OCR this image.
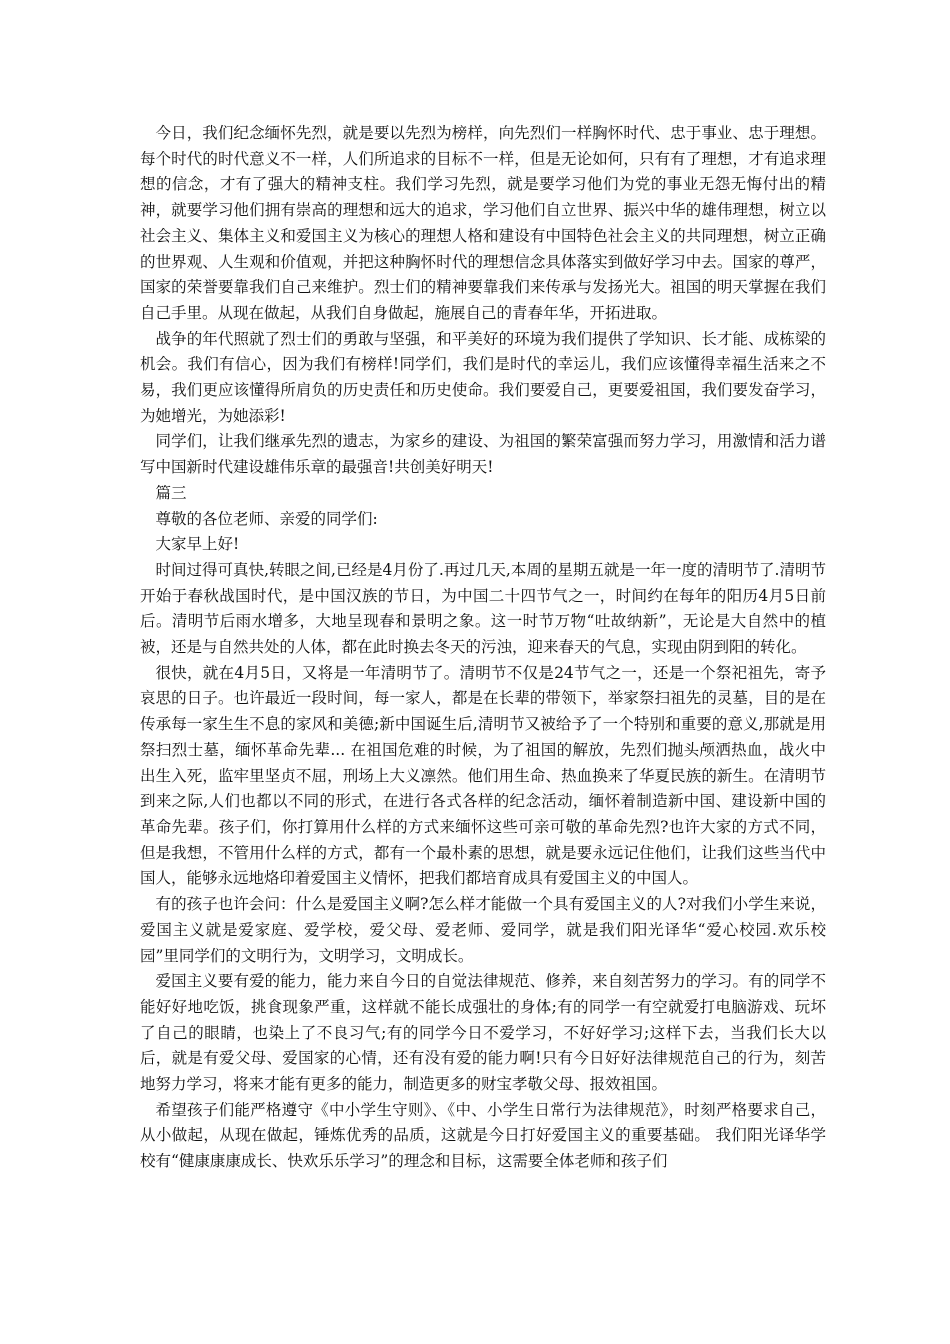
今日，我们纪念缅怀先烈，就是要以先烈为榜样，向先烈们一样胸怀时代、忠于事业、忠于理想。每个时代的时代意义不一样，人们所追求的目标不一样，但是无论如何，只有有了理想，才有追求理想的信念，才有了强大的精神支柱。我们学习先烈，就是要学习他们为党的事业无怨无悔付出的精神，就要学习他们拥有崇高的理想和远大的追求，学习他们自立世界、振兴中华的雄伟理想，树立以社会主义、集体主义和爱国主义为核心的理想人格和建设有中国特色社会主义的共同理想，树立正确的世界观、人生观和价值观，并把这种胸怀时代的理想信念具体落实到做好学习中去。国家的尊严，国家的荣誉要靠我们自己来维护。烈士们的精神要靠我们来传承与发扬光大。祖国的明天掌握在我们自己手里。从现在做起，从我们自身做起，施展自己的青春年华，开拓进取。

战争的年代照就了烈士们的勇敢与坚强，和平美好的环境为我们提供了学知识、长才能、成栋梁的机会。我们有信心，因为我们有榜样!同学们，我们是时代的幸运儿，我们应该懂得幸福生活来之不易，我们更应该懂得所肩负的历史责任和历史使命。我们要爱自己，更要爱祖国，我们要发奋学习，为她增光，为她添彩!

同学们，让我们继承先烈的遗志，为家乡的建设、为祖国的繁荣富强而努力学习，用激情和活力谱写中国新时代建设雄伟乐章的最强音!共创美好明天!

篇三

尊敬的各位老师、亲爱的同学们:

大家早上好!

时间过得可真快,转眼之间,已经是4月份了.再过几天,本周的星期五就是一年一度的清明节了.清明节开始于春秋战国时代，是中国汉族的节日，为中国二十四节气之一，时间约在每年的阳历4月5日前后。清明节后雨水增多，大地呈现春和景明之象。这一时节万物“吐故纳新”，无论是大自然中的植被，还是与自然共处的人体，都在此时换去冬天的污浊，迎来春天的气息，实现由阴到阳的转化。

很快，就在4月5日，又将是一年清明节了。清明节不仅是24节气之一，还是一个祭祀祖先，寄予哀思的日子。也许最近一段时间，每一家人，都是在长辈的带领下，举家祭扫祖先的灵墓，目的是在传承每一家生生不息的家风和美德;新中国诞生后,清明节又被给予了一个特别和重要的意义,那就是用祭扫烈士墓，缅怀革命先辈... 在祖国危难的时候，为了祖国的解放，先烈们抛头颅洒热血，战火中出生入死，监牢里坚贞不屈，刑场上大义凛然。他们用生命、热血换来了华夏民族的新生。在清明节到来之际,人们也都以不同的形式，在进行各式各样的纪念活动，缅怀着制造新中国、建设新中国的革命先辈。孩子们，你打算用什么样的方式来缅怀这些可亲可敬的革命先烈?也许大家的方式不同，但是我想，不管用什么样的方式，都有一个最朴素的思想，就是要永远记住他们，让我们这些当代中国人，能够永远地烙印着爱国主义情怀，把我们都培育成具有爱国主义的中国人。

有的孩子也许会问：什么是爱国主义啊?怎么样才能做一个具有爱国主义的人?对我们小学生来说，爱国主义就是爱家庭、爱学校，爱父母、爱老师、爱同学，就是我们阳光译华“爱心校园.欢乐校园”里同学们的文明行为，文明学习，文明成长。

爱国主义要有爱的能力，能力来自今日的自觉法律规范、修养，来自刻苦努力的学习。有的同学不能好好地吃饭，挑食现象严重，这样就不能长成强壮的身体;有的同学一有空就爱打电脑游戏、玩坏了自己的眼睛，也染上了不良习气;有的同学今日不爱学习，不好好学习;这样下去，当我们长大以后，就是有爱父母、爱国家的心情，还有没有爱的能力啊!只有今日好好法律规范自己的行为，刻苦地努力学习，将来才能有更多的能力，制造更多的财宝孝敬父母、报效祖国。

希望孩子们能严格遵守《中小学生守则》、《中、小学生日常行为法律规范》，时刻严格要求自己，从小做起，从现在做起，锤炼优秀的品质，这就是今日打好爱国主义的重要基础。 我们阳光译华学校有“健康康康成长、快欢乐乐学习”的理念和目标，这需要全体老师和孩子们
